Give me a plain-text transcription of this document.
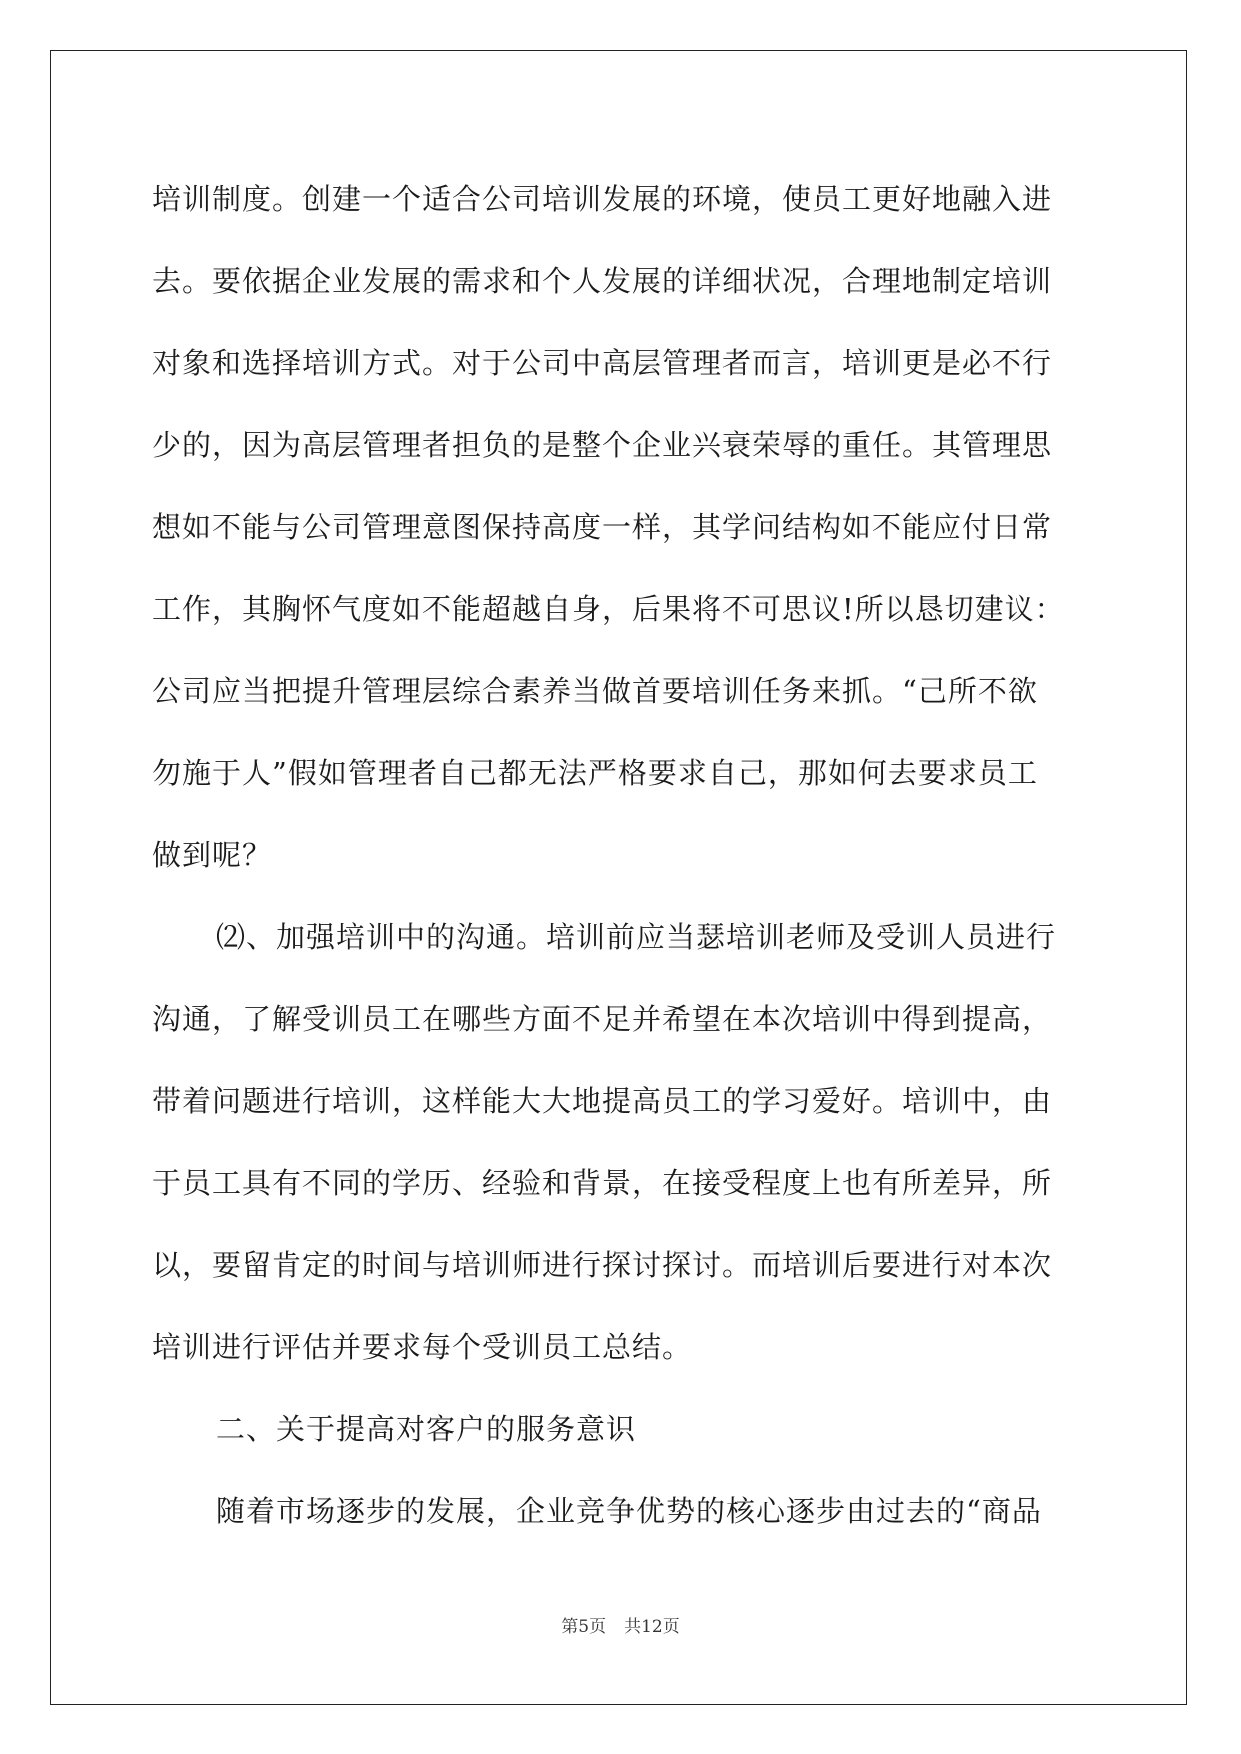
培训制度。创建一个适合公司培训发展的环境，使员工更好地融入进
去。要依据企业发展的需求和个人发展的详细状况，合理地制定培训
对象和选择培训方式。对于公司中高层管理者而言，培训更是必不行
少的，因为高层管理者担负的是整个企业兴衰荣辱的重任。其管理思
想如不能与公司管理意图保持高度一样，其学问结构如不能应付日常
工作，其胸怀气度如不能超越自身，后果将不可思议!所以恳切建议：
公司应当把提升管理层综合素养当做首要培训任务来抓。“己所不欲
勿施于人”假如管理者自己都无法严格要求自己，那如何去要求员工
做到呢？
⑵、加强培训中的沟通。培训前应当瑟培训老师及受训人员进行
沟通，了解受训员工在哪些方面不足并希望在本次培训中得到提高，
带着问题进行培训，这样能大大地提高员工的学习爱好。培训中，由
于员工具有不同的学历、经验和背景，在接受程度上也有所差异，所
以，要留肯定的时间与培训师进行探讨探讨。而培训后要进行对本次
培训进行评估并要求每个受训员工总结。
二、关于提高对客户的服务意识
随着市场逐步的发展，企业竞争优势的核心逐步由过去的“商品
第5页 共12页
